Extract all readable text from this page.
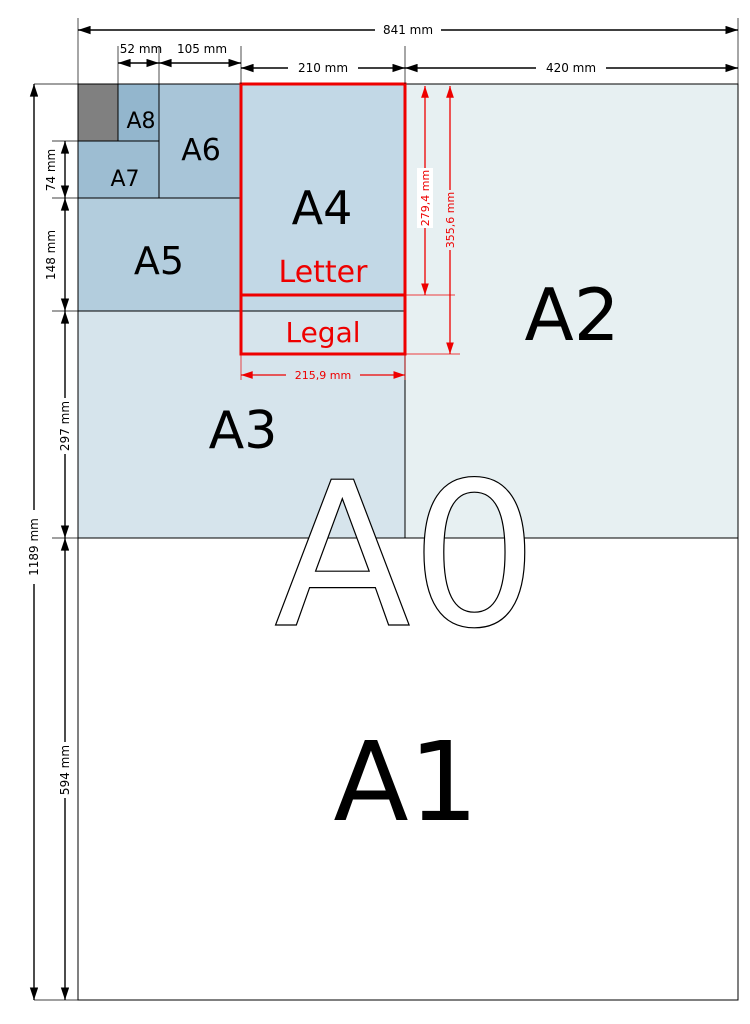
A8
A7
A6
A5
A4
A3
A2
A1
A0
Letter
Legal
841 mm
52 mm 105 mm
210 mm	420 mm
1189 mm
74 mm
148 mm
297 mm
594 mm
279,4 mm 355,6 mm
215,9 mm
